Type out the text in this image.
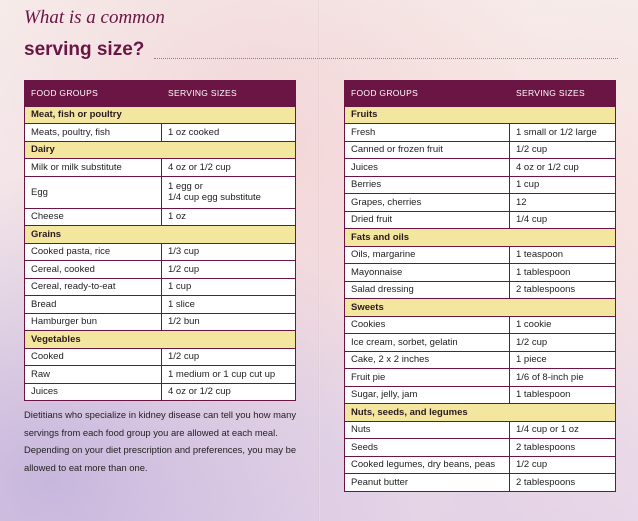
What is a common
serving size?
FOOD GROUPS	SERVING SIZES
Meat, fish or poultry	
Meats, poultry, fish	1 oz cooked
Dairy	
Milk or milk substitute	4 oz or 1/2 cup
Egg	1 egg or
1/4 cup egg substitute
Cheese	1 oz
Grains	
Cooked pasta, rice	1/3 cup
Cereal, cooked	1/2 cup
Cereal, ready-to-eat	1 cup
Bread	1 slice
Hamburger bun	1/2 bun
Vegetables	
Cooked	1/2 cup
Raw	1 medium or 1 cup cut up
Juices	4 oz or 1/2 cup
FOOD GROUPS	SERVING SIZES
Fruits	
Fresh	1 small or 1/2 large
Canned or frozen fruit	1/2 cup
Juices	4 oz or 1/2 cup
Berries	1 cup
Grapes, cherries	12
Dried fruit	1/4 cup
Fats and oils	
Oils, margarine	1 teaspoon
Mayonnaise	1 tablespoon
Salad dressing	2 tablespoons
Sweets	
Cookies	1 cookie
Ice cream, sorbet, gelatin	1/2 cup
Cake, 2 x 2 inches	1 piece
Fruit pie	1/6 of 8-inch pie
Sugar, jelly, jam	1 tablespoon
Nuts, seeds, and legumes	
Nuts	1/4 cup or 1 oz
Seeds	2 tablespoons
Cooked legumes, dry beans, peas	1/2 cup
Peanut butter	2 tablespoons

Dietitians who specialize in kidney disease can tell you how many servings from each food group you are allowed at each meal. Depending on your diet prescription and preferences, you may be allowed to eat more than one.
